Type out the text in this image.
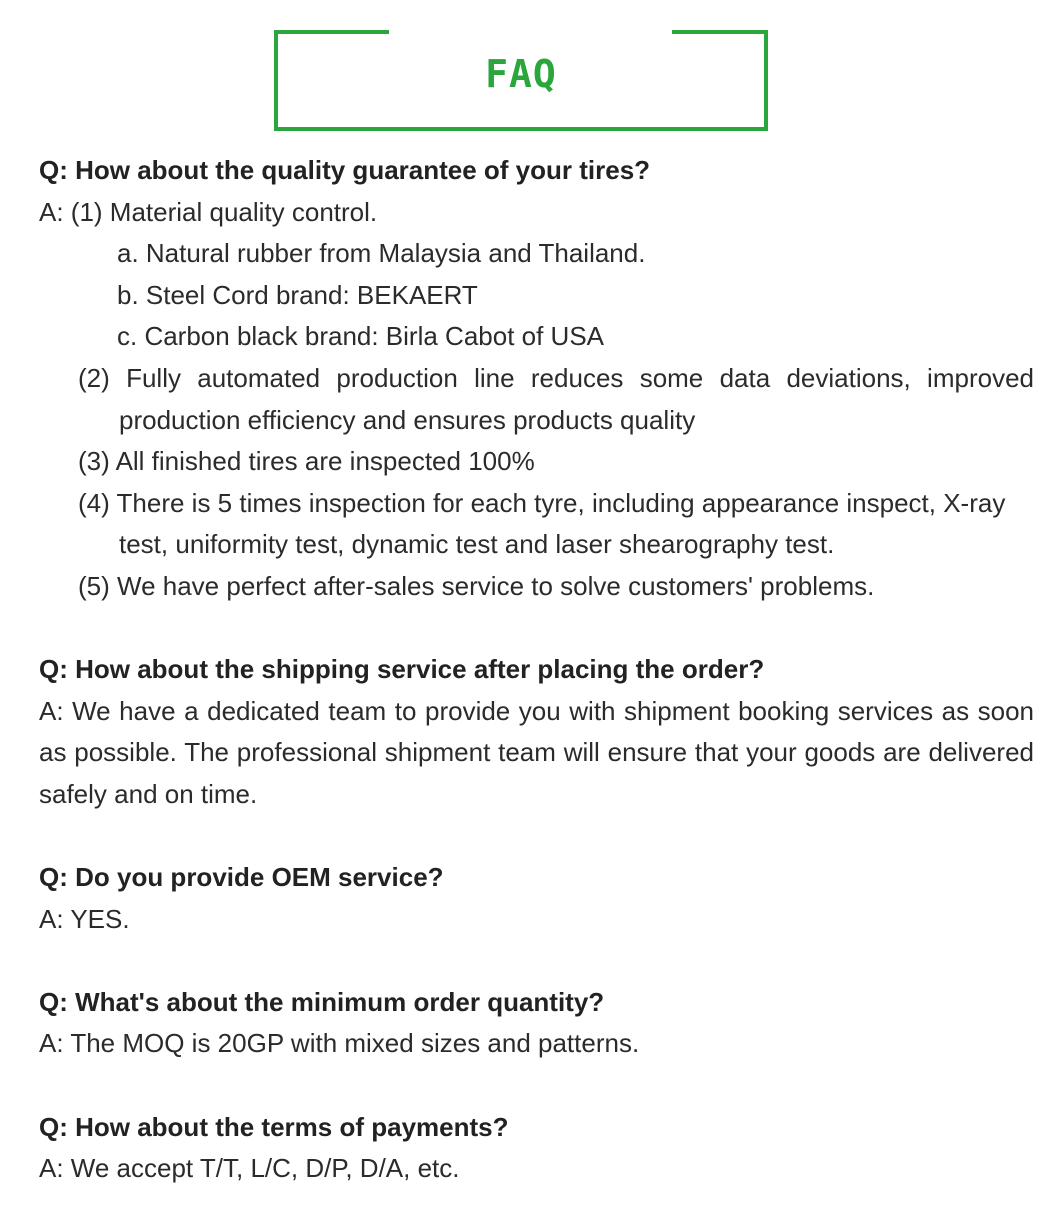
FAQ
Q: How about the quality guarantee of your tires?
A: (1) Material quality control.
a. Natural rubber from Malaysia and Thailand.
b. Steel Cord brand: BEKAERT
c. Carbon black brand: Birla Cabot of USA
(2) Fully automated production line reduces some data deviations, improved production efficiency and ensures products quality
(3) All finished tires are inspected 100%
(4) There is 5 times inspection for each tyre, including appearance inspect, X-ray test, uniformity test, dynamic test and laser shearography test.
(5) We have perfect after-sales service to solve customers' problems.
Q: How about the shipping service after placing the order?
A: We have a dedicated team to provide you with shipment booking services as soon as possible. The professional shipment team will ensure that your goods are delivered safely and on time.
Q: Do you provide OEM service?
A: YES.
Q: What's about the minimum order quantity?
A: The MOQ is 20GP with mixed sizes and patterns.
Q: How about the terms of payments?
A: We accept T/T, L/C, D/P, D/A, etc.
